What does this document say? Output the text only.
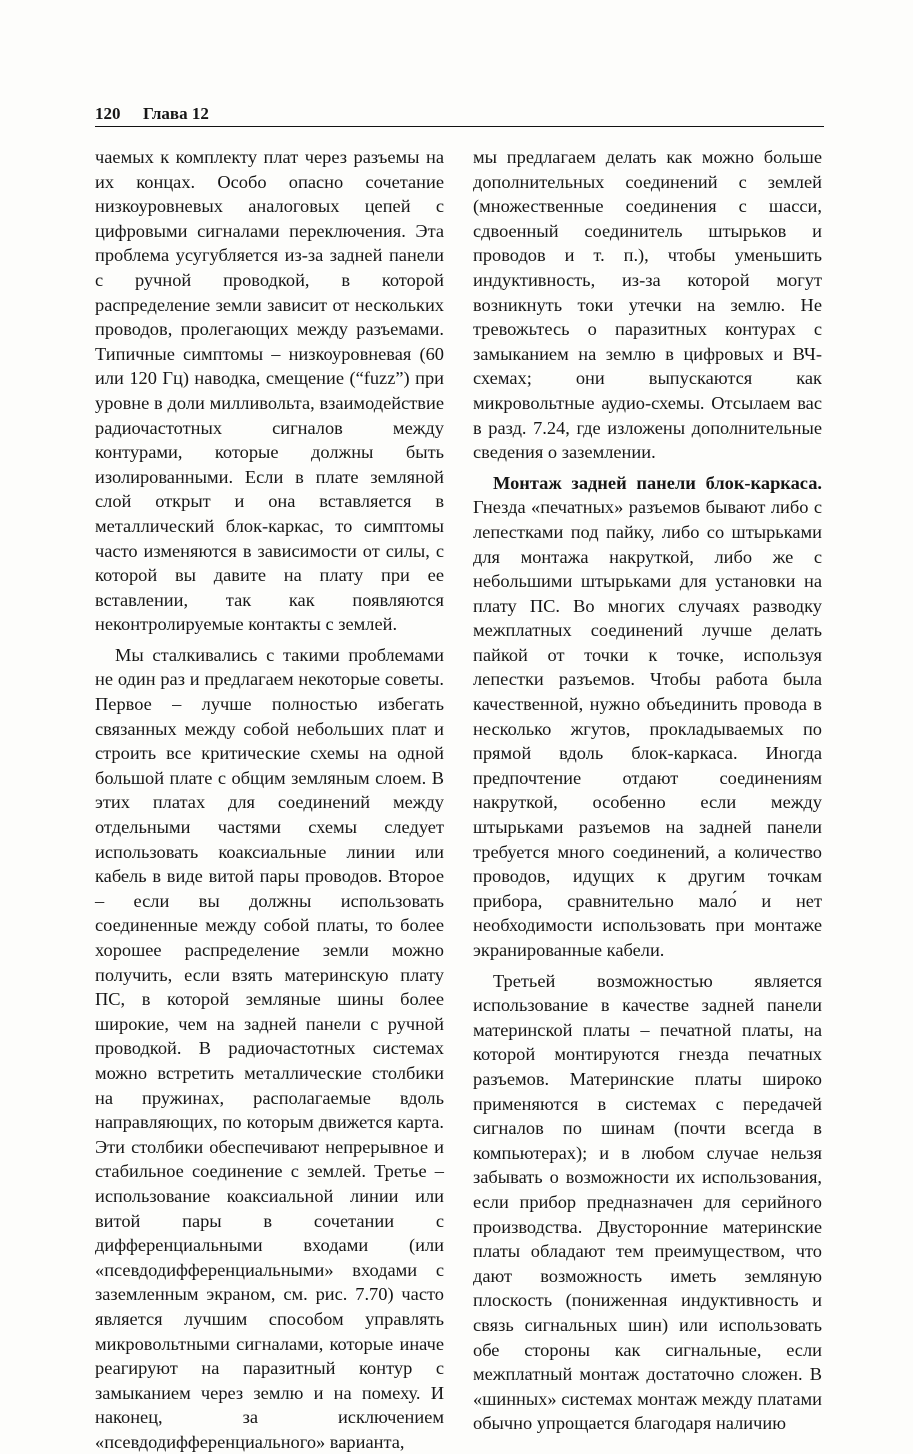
120 Глава 12

чаемых к комплекту плат через разъемы на их концах. Особо опасно сочетание низкоуровневых аналоговых цепей с цифровыми сигналами переключения. Эта проблема усугубляется из-за задней панели с ручной проводкой, в которой распределение земли зависит от нескольких проводов, пролегающих между разъемами. Типичные симптомы – низкоуровневая (60 или 120 Гц) наводка, смещение (“fuzz”) при уровне в доли милливольта, взаимодействие радиочастотных сигналов между контурами, которые должны быть изолированными. Если в плате земляной слой открыт и она вставляется в металлический блок-каркас, то симптомы часто изменяются в зависимости от силы, с которой вы давите на плату при ее вставлении, так как появляются неконтролируемые контакты с землей.

Мы сталкивались с такими проблемами не один раз и предлагаем некоторые советы. Первое – лучше полностью избегать связанных между собой небольших плат и строить все критические схемы на одной большой плате с общим земляным слоем. В этих платах для соединений между отдельными частями схемы следует использовать коаксиальные линии или кабель в виде витой пары проводов. Второе – если вы должны использовать соединенные между собой платы, то более хорошее распределение земли можно получить, если взять материнскую плату ПС, в которой земляные шины более широкие, чем на задней панели с ручной проводкой. В радиочастотных системах можно встретить металлические столбики на пружинах, располагаемые вдоль направляющих, по которым движется карта. Эти столбики обеспечивают непрерывное и стабильное соединение с землей. Третье – использование коаксиальной линии или витой пары в сочетании с дифференциальными входами (или «псевдодифференциальными» входами с заземленным экраном, см. рис. 7.70) часто является лучшим способом управлять микровольтными сигналами, которые иначе реагируют на паразитный контур с замыканием через землю и на помеху. И наконец, за исключением «псевдодифференциального» варианта,

мы предлагаем делать как можно больше дополнительных соединений с землей (множественные соединения с шасси, сдвоенный соединитель штырьков и проводов и т. п.), чтобы уменьшить индуктивность, из-за которой могут возникнуть токи утечки на землю. Не тревожьтесь о паразитных контурах с замыканием на землю в цифровых и ВЧ-схемах; они выпускаются как микровольтные аудио-схемы. Отсылаем вас в разд. 7.24, где изложены дополнительные сведения о заземлении.

Монтаж задней панели блок-каркаса. Гнезда «печатных» разъемов бывают либо с лепестками под пайку, либо со штырьками для монтажа накруткой, либо же с небольшими штырьками для установки на плату ПС. Во многих случаях разводку межплатных соединений лучше делать пайкой от точки к точке, используя лепестки разъемов. Чтобы работа была качественной, нужно объединить провода в несколько жгутов, прокладываемых по прямой вдоль блок-каркаса. Иногда предпочтение отдают соединениям накруткой, особенно если между штырьками разъемов на задней панели требуется много соединений, а количество проводов, идущих к другим точкам прибора, сравнительно мало́ и нет необходимости использовать при монтаже экранированные кабели.

Третьей возможностью является использование в качестве задней панели материнской платы – печатной платы, на которой монтируются гнезда печатных разъемов. Материнские платы широко применяются в системах с передачей сигналов по шинам (почти всегда в компьютерах); и в любом случае нельзя забывать о возможности их использования, если прибор предназначен для серийного производства. Двусторонние материнские платы обладают тем преимуществом, что дают возможность иметь земляную плоскость (пониженная индуктивность и связь сигнальных шин) или использовать обе стороны как сигнальные, если межплатный монтаж достаточно сложен. В «шинных» системах монтаж между платами обычно упрощается благодаря наличию
